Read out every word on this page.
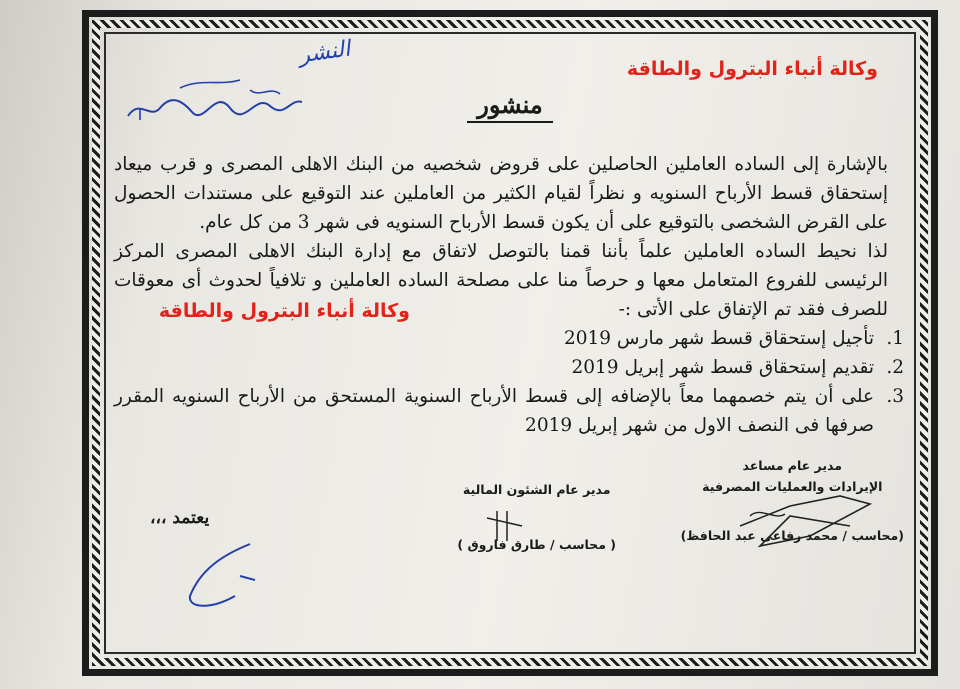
النشر
وكالة أنباء البترول والطاقة
منشور

بالإشارة إلى الساده العاملين الحاصلين على قروض شخصيه من البنك الاهلى المصرى و قرب ميعاد إستحقاق قسط الأرباح السنويه و نظراً لقيام الكثير من العاملين عند التوقيع على مستندات الحصول على القرض الشخصى بالتوقيع على أن يكون قسط الأرباح السنويه فى شهر 3 من كل عام.

لذا نحيط الساده العاملين علماً بأننا قمنا بالتوصل لاتفاق مع إدارة البنك الاهلى المصرى المركز الرئيسى للفروع المتعامل معها و حرصاً منا على مصلحة الساده العاملين و تلافياً لحدوث أى معوقات للصرف فقد تم الإتفاق على الأتى :-

1.
تأجيل إستحقاق قسط شهر مارس 2019
2.
تقديم إستحقاق قسط شهر إبريل 2019
3.
على أن يتم خصمهما معاً بالإضافه إلى قسط الأرباح السنوية المستحق من الأرباح السنويه المقرر صرفها فى النصف الاول من شهر إبريل 2019
وكالة أنباء البترول والطاقة
مدير عام مساعد
الإيرادات والعمليات المصرفية
(محاسب / محمد رفاعى عبد الحافظ)
مدير عام الشئون المالية
( محاسب / طارق فاروق )
يعتمد ،،،
